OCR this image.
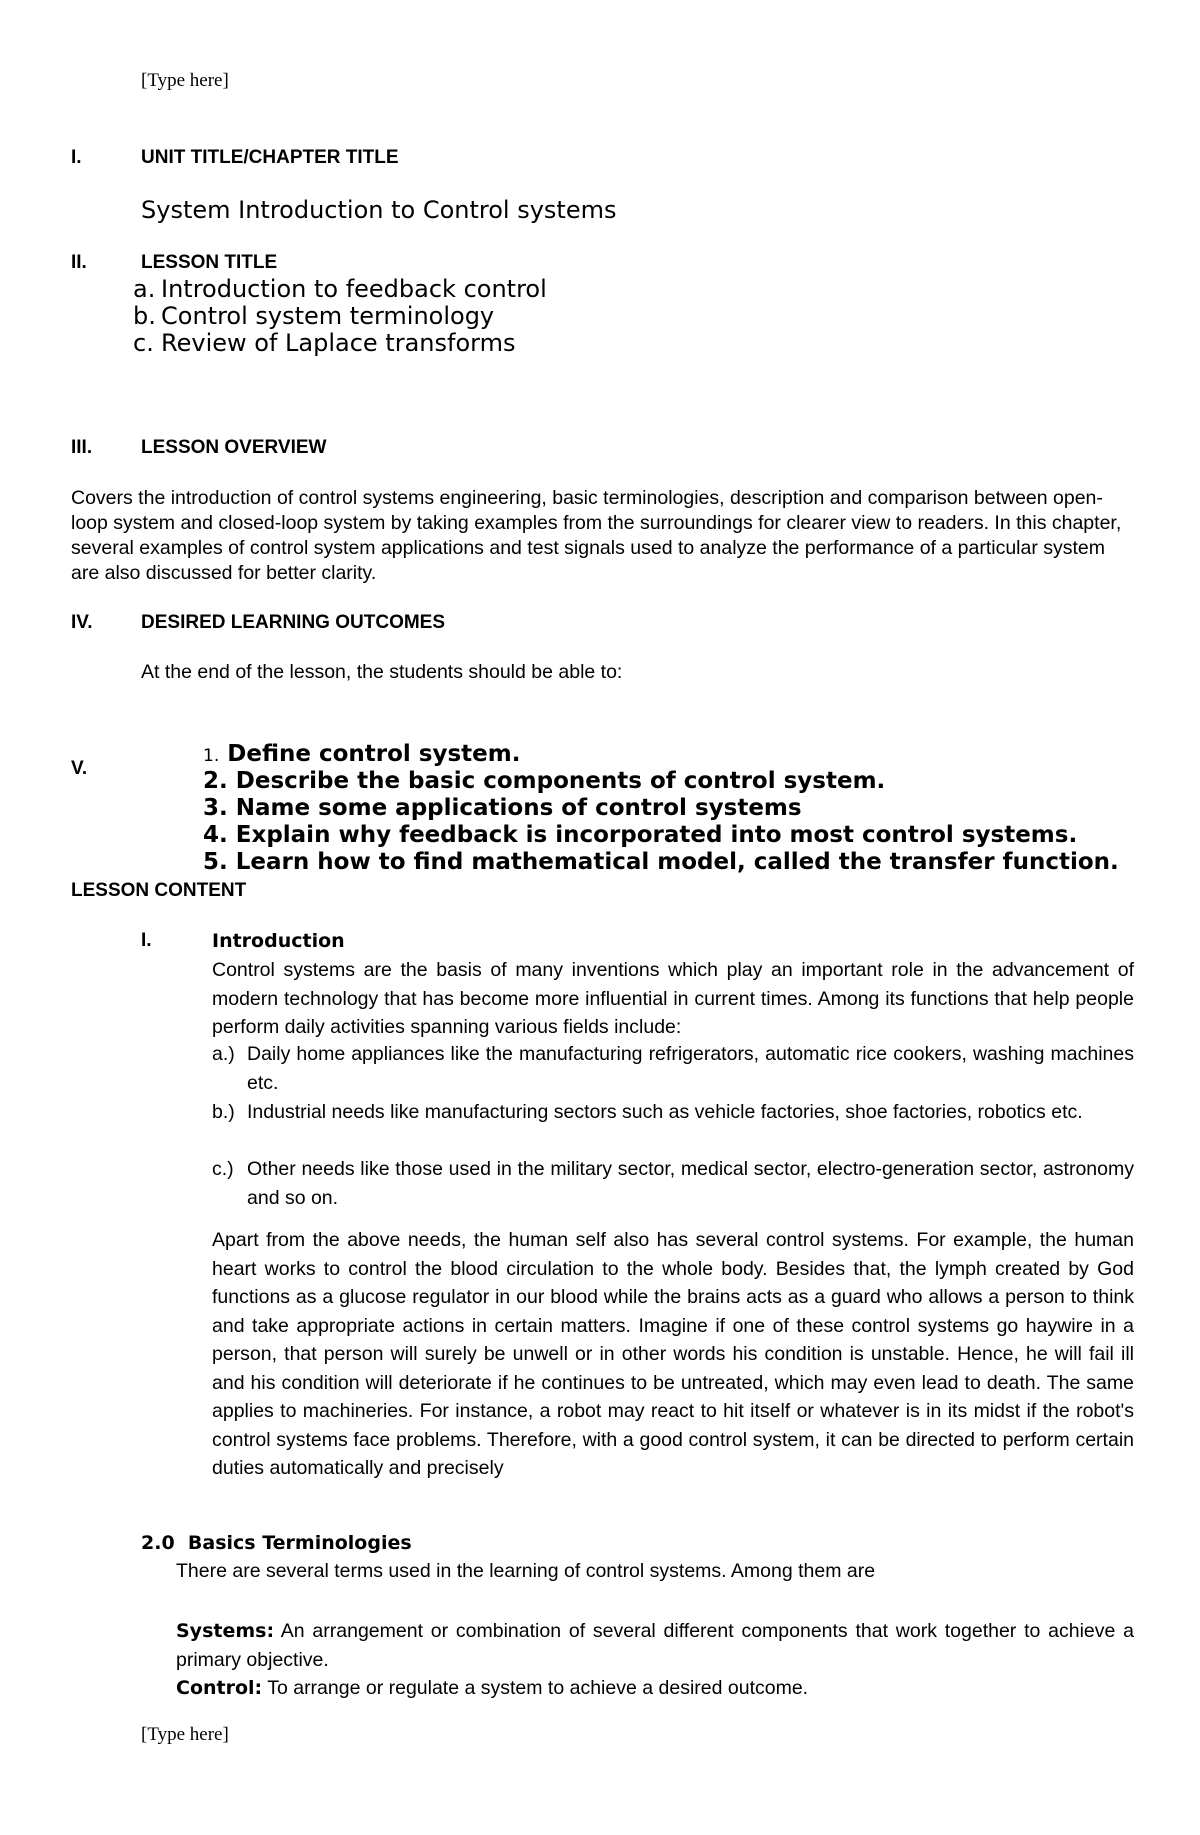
[Type here]
I.	UNIT TITLE/CHAPTER TITLE
System Introduction to Control systems
II.	LESSON TITLE
a. Introduction to feedback control
b. Control system terminology
c. Review of Laplace transforms
III.	LESSON OVERVIEW
Covers the introduction of control systems engineering, basic terminologies, description and comparison between open-loop system and closed-loop system by taking examples from the surroundings for clearer view to readers. In this chapter, several examples of control system applications and test signals used to analyze the performance of a particular system are also discussed for better clarity.
IV.	DESIRED LEARNING OUTCOMES
At the end of the lesson, the students should be able to:
V.
1. Define control system.
2. Describe the basic components of control system.
3. Name some applications of control systems
4. Explain why feedback is incorporated into most control systems.
5. Learn how to find mathematical model, called the transfer function.
LESSON CONTENT
I.	Introduction
Control systems are the basis of many inventions which play an important role in the advancement of modern technology that has become more influential in current times. Among its functions that help people perform daily activities spanning various fields include:
a.) Daily home appliances like the manufacturing refrigerators, automatic rice cookers, washing machines etc.
b.) Industrial needs like manufacturing sectors such as vehicle factories, shoe factories, robotics etc.
c.) Other needs like those used in the military sector, medical sector, electro-generation sector, astronomy and so on.
Apart from the above needs, the human self also has several control systems. For example, the human heart works to control the blood circulation to the whole body. Besides that, the lymph created by God functions as a glucose regulator in our blood while the brains acts as a guard who allows a person to think and take appropriate actions in certain matters. Imagine if one of these control systems go haywire in a person, that person will surely be unwell or in other words his condition is unstable. Hence, he will fail ill and his condition will deteriorate if he continues to be untreated, which may even lead to death. The same applies to machineries. For instance, a robot may react to hit itself or whatever is in its midst if the robot's control systems face problems. Therefore, with a good control system, it can be directed to perform certain duties automatically and precisely
2.0  Basics Terminologies
There are several terms used in the learning of control systems. Among them are
Systems: An arrangement or combination of several different components that work together to achieve a primary objective.
Control: To arrange or regulate a system to achieve a desired outcome.
[Type here]
